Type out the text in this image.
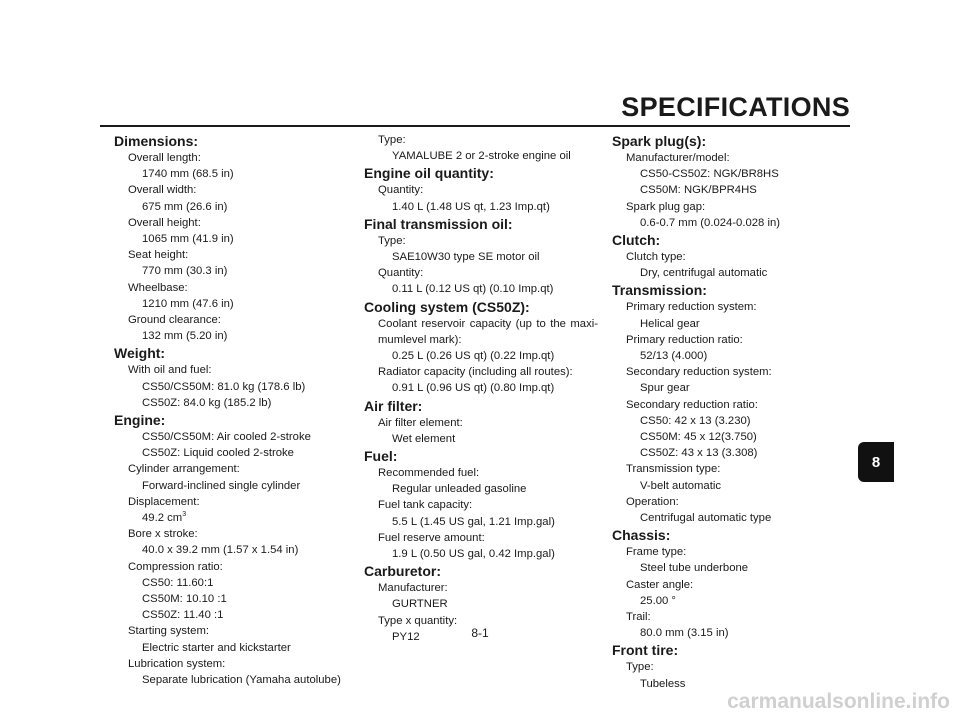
SPECIFICATIONS
Dimensions:
Overall length:
1740 mm (68.5 in)
Overall width:
675 mm (26.6 in)
Overall height:
1065 mm (41.9 in)
Seat height:
770 mm (30.3 in)
Wheelbase:
1210 mm (47.6 in)
Ground clearance:
132 mm (5.20 in)
Weight:
With oil and fuel:
CS50/CS50M: 81.0 kg (178.6 lb)
CS50Z: 84.0 kg (185.2 lb)
Engine:
CS50/CS50M: Air cooled 2-stroke
CS50Z: Liquid cooled 2-stroke
Cylinder arrangement:
Forward-inclined single cylinder
Displacement:
49.2 $cm^3$
Bore x stroke:
40.0 x 39.2 mm (1.57 x 1.54 in)
Compression ratio:
CS50: 11.60:1
CS50M: 10.10 :1
CS50Z: 11.40 :1
Starting system:
Electric starter and kickstarter
Lubrication system:
Separate lubrication (Yamaha autolube)
Type:
YAMALUBE 2 or 2-stroke engine oil
Engine oil quantity:
Quantity:
1.40 L (1.48 US qt, 1.23 Imp.qt)
Final transmission oil:
Type:
SAE10W30 type SE motor oil
Quantity:
0.11 L (0.12 US qt) (0.10 Imp.qt)
Cooling system (CS50Z):
Coolant reservoir capacity (up to the maxi-mumlevel mark):
0.25 L (0.26 US qt) (0.22 Imp.qt)
Radiator capacity (including all routes):
0.91 L (0.96 US qt) (0.80 Imp.qt)
Air filter:
Air filter element:
Wet element
Fuel:
Recommended fuel:
Regular unleaded gasoline
Fuel tank capacity:
5.5 L (1.45 US gal, 1.21 Imp.gal)
Fuel reserve amount:
1.9 L (0.50 US gal, 0.42 Imp.gal)
Carburetor:
Manufacturer:
GURTNER
Type x quantity:
PY12
Spark plug(s):
Manufacturer/model:
CS50-CS50Z: NGK/BR8HS
CS50M: NGK/BPR4HS
Spark plug gap:
0.6-0.7 mm (0.024-0.028 in)
Clutch:
Clutch type:
Dry, centrifugal automatic
Transmission:
Primary reduction system:
Helical gear
Primary reduction ratio:
52/13 (4.000)
Secondary reduction system:
Spur gear
Secondary reduction ratio:
CS50: 42 x 13 (3.230)
CS50M: 45 x 12(3.750)
CS50Z: 43 x 13 (3.308)
Transmission type:
V-belt automatic
Operation:
Centrifugal automatic type
Chassis:
Frame type:
Steel tube underbone
Caster angle:
25.00 °
Trail:
80.0 mm (3.15 in)
Front tire:
Type:
Tubeless
8
8-1
carmanualsonline.info
